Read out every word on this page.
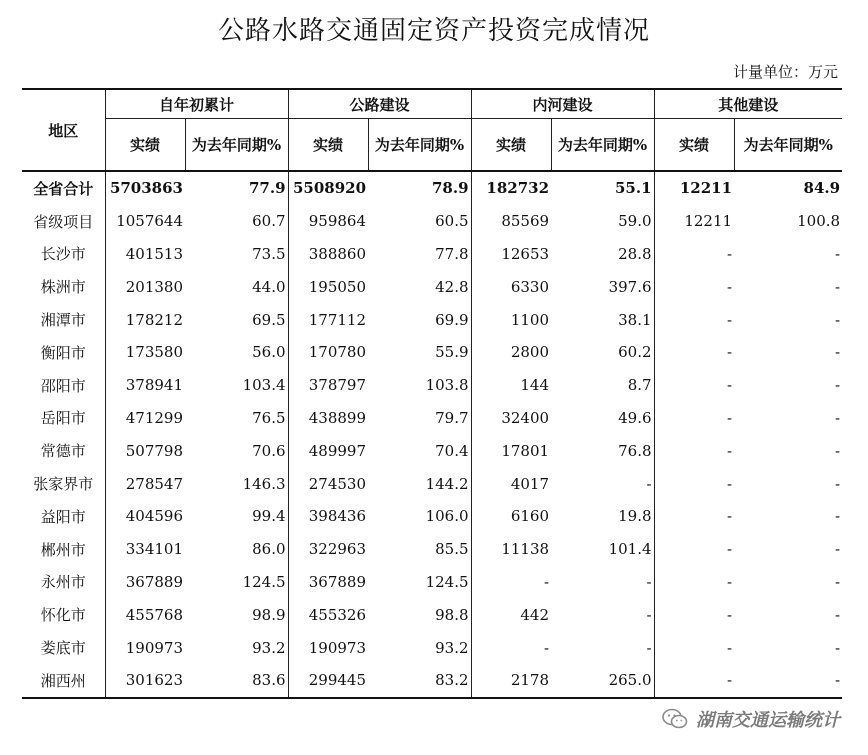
公路水路交通固定资产投资完成情况
计量单位：万元
地区	自年初累计		公路建设		内河建设		其他建设	
	实绩	为去年同期%	实绩	为去年同期%	实绩	为去年同期%	实绩	为去年同期%
全省合计	5703863	77.9	5508920	78.9	182732	55.1	12211	84.9
省级项目	1057644	60.7	959864	60.5	85569	59.0	12211	100.8
长沙市	401513	73.5	388860	77.8	12653	28.8	-	-
株洲市	201380	44.0	195050	42.8	6330	397.6	-	-
湘潭市	178212	69.5	177112	69.9	1100	38.1	-	-
衡阳市	173580	56.0	170780	55.9	2800	60.2	-	-
邵阳市	378941	103.4	378797	103.8	144	8.7	-	-
岳阳市	471299	76.5	438899	79.7	32400	49.6	-	-
常德市	507798	70.6	489997	70.4	17801	76.8	-	-
张家界市	278547	146.3	274530	144.2	4017	-	-	-
益阳市	404596	99.4	398436	106.0	6160	19.8	-	-
郴州市	334101	86.0	322963	85.5	11138	101.4	-	-
永州市	367889	124.5	367889	124.5	-	-	-	-
怀化市	455768	98.9	455326	98.8	442	-	-	-
娄底市	190973	93.2	190973	93.2	-	-	-	-
湘西州	301623	83.6	299445	83.2	2178	265.0	-	-
湖南交通运输统计
